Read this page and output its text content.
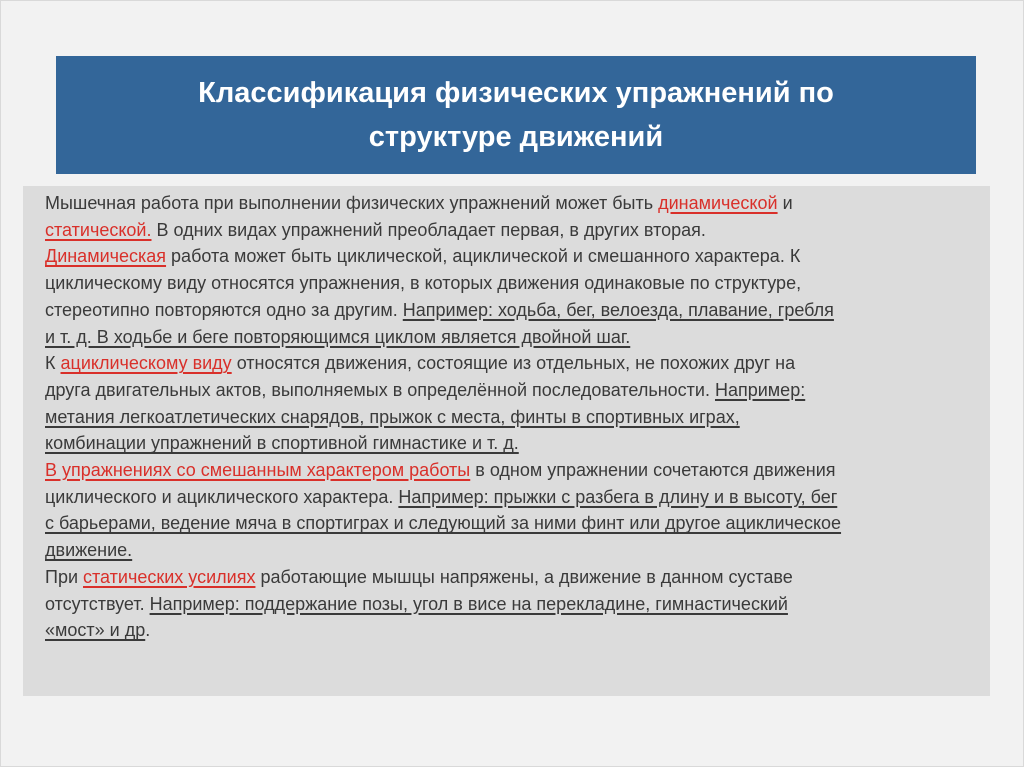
Классификация физических упражнений по структуре движений
Мышечная работа при выполнении физических упражнений может быть динамической и
статической. В одних видах упражнений преобладает первая, в других вторая.
Динамическая работа может быть циклической, ациклической и смешанного характера. К
циклическому виду относятся упражнения, в которых движения одинаковые по структуре,
стереотипно повторяются одно за другим. Например: ходьба, бег, велоезда, плавание, гребля
и т. д. В ходьбе и беге повторяющимся циклом является двойной шаг.
К ациклическому виду относятся движения, состоящие из отдельных, не похожих друг на
друга двигательных актов, выполняемых в определённой последовательности. Например:
метания легкоатлетических снарядов, прыжок с места, финты в спортивных играх,
комбинации упражнений в спортивной гимнастике и т. д.
В упражнениях со смешанным характером работы в одном упражнении сочетаются движения
циклического и ациклического характера. Например: прыжки с разбега в длину и в высоту, бег
с барьерами, ведение мяча в спортиграх и следующий за ними финт или другое ациклическое
движение.
При статических усилиях работающие мышцы напряжены, а движение в данном суставе
отсутствует. Например: поддержание позы, угол в висе на перекладине, гимнастический
«мост» и др.
